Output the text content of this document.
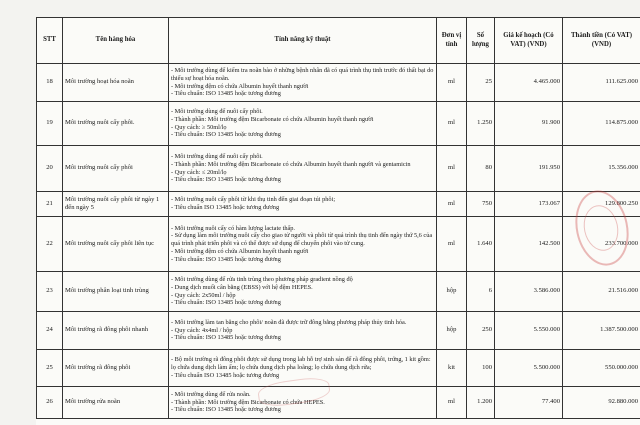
STT	Tên hàng hóa	Tính năng kỹ thuật	Đơn vị tính	Số lượng	Giá kế hoạch (Có VAT) (VND)	Thành tiền (Có VAT) (VND)
18	Môi trường hoạt hóa noãn	- Môi trường dùng để kiểm tra noãn bào ở những bệnh nhân đã có quá trình thụ tinh trước đó thất bại do thiếu sự hoạt hóa noãn.
- Môi trường đệm có chứa Albumin huyết thanh người
- Tiêu chuẩn: ISO 13485 hoặc tương đương	ml	25	4.465.000	111.625.000
19	Môi trường nuôi cấy phôi.	- Môi trường dùng để nuôi cấy phôi.
- Thành phần: Môi trường đệm Bicarbonate có chứa Albumin huyết thanh người
- Quy cách: ≥ 50ml/lọ
- Tiêu chuẩn: ISO 13485 hoặc tương đương	ml	1.250	91.900	114.875.000
20	Môi trường nuôi cấy phôi	- Môi trường dùng để nuôi cấy phôi.
- Thành phần: Môi trường đệm Bicarbonate có chứa Albumin huyết thanh người và gentamicin
- Quy cách: ≤ 20ml/lọ
- Tiêu chuẩn: ISO 13485 hoặc tương đương	ml	80	191.950	15.356.000
21	Môi trường nuôi cấy phôi từ ngày 1 đến ngày 5	- Môi trường nuôi cấy phôi từ khi thụ tinh đến giai đoạn túi phôi;
- Tiêu chuẩn ISO 13485 hoặc tương đương	ml	750	173.067	129.800.250
22	Môi trường nuôi cấy phôi liên tục	- Môi trường nuôi cấy có hàm lượng lactate thấp.
- Sử dụng làm môi trường nuôi cấy cho giao tử người và phôi từ quá trình thụ tinh đến ngày thứ 5,6 của quá trình phát triển phôi và có thể được sử dụng để chuyển phôi vào tử cung.
- Môi trường đệm có chứa Albumin huyết thanh người
- Tiêu chuẩn: ISO 13485 hoặc tương đương	ml	1.640	142.500	233.700.000
23	Môi trường phân loại tinh trùng	- Môi trường dùng để rửa tinh trùng theo phương pháp gradient nồng độ
- Dung dịch muối cân bằng (EBSS) với hệ đệm HEPES.
- Quy cách: 2x50ml / hộp
- Tiêu chuẩn: ISO 13485 hoặc tương đương	hộp	6	3.586.000	21.516.000
24	Môi trường rã đông phôi nhanh	- Môi trường làm tan băng cho phôi/ noãn đã được trữ đông bằng phương pháp thủy tinh hóa.
- Quy cách: 4x4ml / hộp
- Tiêu chuẩn: ISO 13485 hoặc tương đương	hộp	250	5.550.000	1.387.500.000
25	Môi trường rã đông phôi	- Bộ môi trường rã đông phôi được sử dụng trong lab hỗ trợ sinh sản để rã đông phôi, trứng, 1 kit gồm: lọ chứa dung dịch làm ấm; lọ chứa dung dịch pha loãng; lọ chứa dung dịch rửa;
- Tiêu chuẩn ISO 13485 hoặc tương đương	kit	100	5.500.000	550.000.000
26	Môi trường rửa noãn	- Môi trường dùng để rửa noãn.
- Thành phần: Môi trường đệm Bicarbonate có chứa HEPES.
- Tiêu chuẩn: ISO 13485 hoặc tương đương	ml	1.200	77.400	92.880.000
